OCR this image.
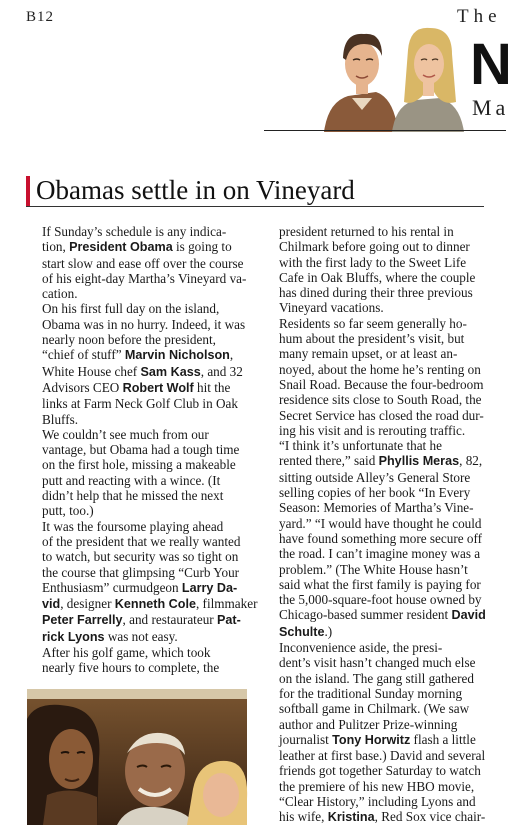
B12	The
N
Ma
Obamas settle in on Vineyard

If Sunday’s schedule is any indica-
tion, President Obama is going to
start slow and ease off over the course
of his eight-day Martha’s Vineyard va-
cation.

On his first full day on the island,
Obama was in no hurry. Indeed, it was
nearly noon before the president,
“chief of stuff” Marvin Nicholson,
White House chef Sam Kass, and 32
Advisors CEO Robert Wolf hit the
links at Farm Neck Golf Club in Oak
Bluffs.

We couldn’t see much from our
vantage, but Obama had a tough time
on the first hole, missing a makeable
putt and reacting with a wince. (It
didn’t help that he missed the next
putt, too.)

It was the foursome playing ahead
of the president that we really wanted
to watch, but security was so tight on
the course that glimpsing “Curb Your
Enthusiasm” curmudgeon Larry Da-
vid, designer Kenneth Cole, filmmaker
Peter Farrelly, and restaurateur Pat-
rick Lyons was not easy.

After his golf game, which took
nearly five hours to complete, the

president returned to his rental in
Chilmark before going out to dinner
with the first lady to the Sweet Life
Cafe in Oak Bluffs, where the couple
has dined during their three previous
Vineyard vacations.

Residents so far seem generally ho-
hum about the president’s visit, but
many remain upset, or at least an-
noyed, about the home he’s renting on
Snail Road. Because the four-bedroom
residence sits close to South Road, the
Secret Service has closed the road dur-
ing his visit and is rerouting traffic.

“I think it’s unfortunate that he
rented there,” said Phyllis Meras, 82,
sitting outside Alley’s General Store
selling copies of her book “In Every
Season: Memories of Martha’s Vine-
yard.” “I would have thought he could
have found something more secure off
the road. I can’t imagine money was a
problem.” (The White House hasn’t
said what the first family is paying for
the 5,000-square-foot house owned by
Chicago-based summer resident David
Schulte.)

Inconvenience aside, the presi-
dent’s visit hasn’t changed much else
on the island. The gang still gathered
for the traditional Sunday morning
softball game in Chilmark. (We saw
author and Pulitzer Prize-winning
journalist Tony Horwitz flash a little
leather at first base.) David and several
friends got together Saturday to watch
the premiere of his new HBO movie,
“Clear History,” including Lyons and
his wife, Kristina, Red Sox vice chair-
